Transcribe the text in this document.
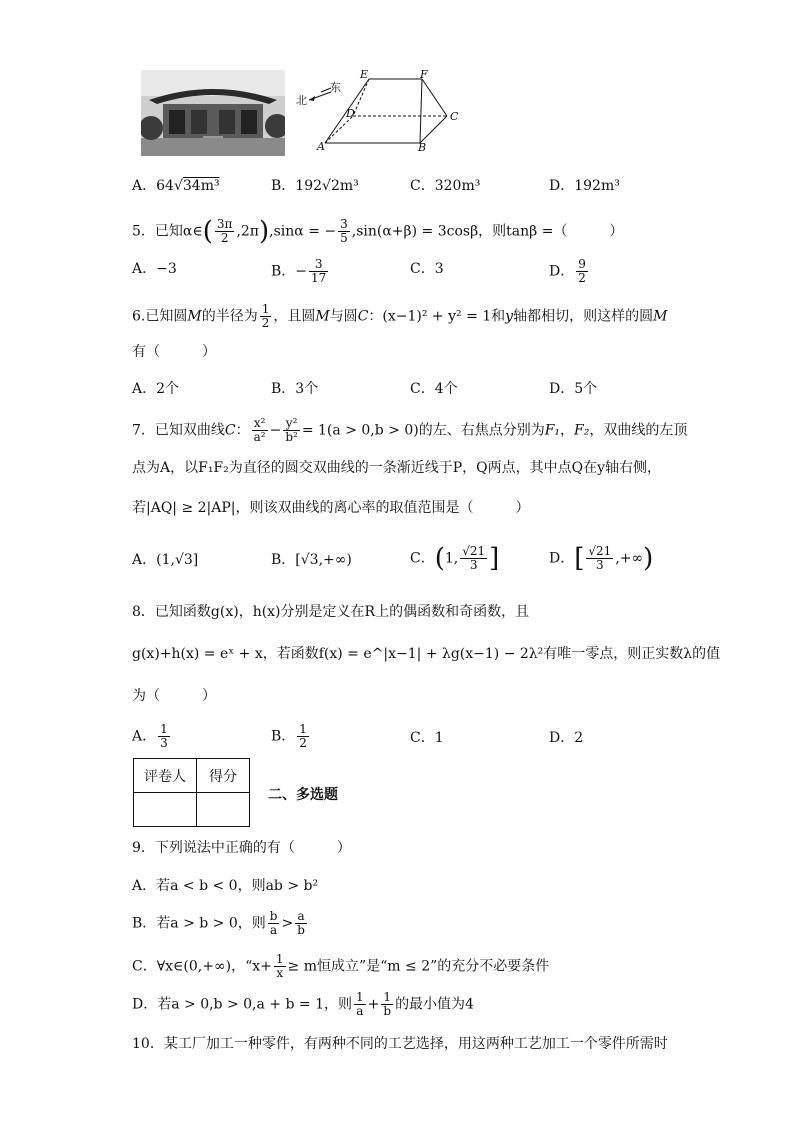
E	F
C
D
A	B
北
东
A．64√34m³	B．192√2m³	C．320m³	D．192m³
5．已知α∈( $\frac{3\pi}{2} ,2\pi),\sin\alpha$ = − $\frac{3}{5} ,\sin(\alpha+\beta) = 3\cos\beta$，则tanβ =（　　　）
A．−3	B．− $\frac{3}{17}$	C．3	D． $\frac{9}{2}$
6.已知圆M的半径为 $\frac{1}{2}$ ，且圆M与圆C：(x−1)² + y² = 1和y轴都相切，则这样的圆M
有（　　　）
A．2个	B．3个	C．4个	D．5个
7．已知双曲线C： $\frac{\text{x²}}{\text{a²}} - \frac{\text{y²}}{\text{b²}} = 1(a > 0,b > 0)$的左、右焦点分别为F₁，F₂，双曲线的左顶
点为A，以F₁F₂为直径的圆交双曲线的一条渐近线于P，Q两点，其中点Q在y轴右侧，
若|AQ| ≥ 2|AP|，则该双曲线的离心率的取值范围是（　　　）
A．(1,√3]	B．[√3,+∞)	C．(1, $\frac{√21}{3}$ ]	D．[ $\frac{√21}{3}$ ,+∞)
8．已知函数g(x)，h(x)分别是定义在R上的偶函数和奇函数，且
g(x)+h(x) = eˣ + x，若函数f(x) = e^|x−1| + λg(x−1) − 2λ²有唯一零点，则正实数λ的值
为（　　　）
A． $\frac{1}{3}$	B． $\frac{1}{2}$	C．1	D．2
评卷人	得分

二、多选题
9．下列说法中正确的有（　　　）
A．若a < b < 0，则ab > b²
B．若a > b > 0，则 $\frac{b}{a} > \frac{a}{b}$
C．∀x∈(0,+∞)，“$x+ \frac{1}{x} \ge m$恒成立”是“m ≤ 2”的充分不必要条件
D．若a > 0,b > 0,a + b = 1，则 $\frac{1}{a} + \frac{1}{b}$ 的最小值为4
10．某工厂加工一种零件，有两种不同的工艺选择，用这两种工艺加工一个零件所需时
